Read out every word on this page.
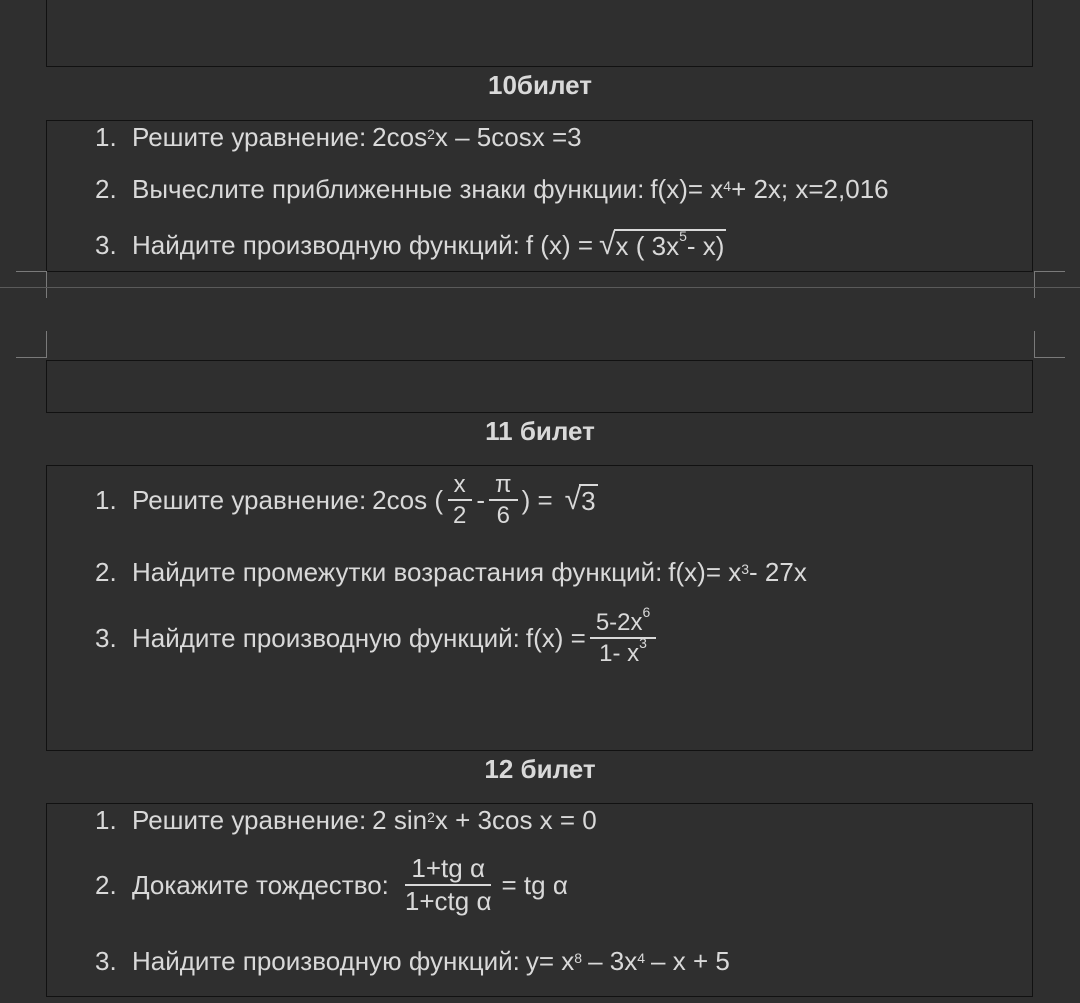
10билет
1. Решите уравнение: $2\cos^2$ x – 5cosx =3
2. Вычеслите приближенные знаки функции: $f(x)= x^4 + 2x$; x=2,016
3. Найдите производную функций: f (x) = √ x ( $3x^5-$ x)
11 билет
1. Решите уравнение: 2cos ( $\frac{x}{2} - \frac{\pi}{6}$ ) = √ 3
2. Найдите промежутки возрастания функций: $f(x)= x^3 - 27x$
3. Найдите производную функций: $f(x) = \frac{5-2x^6}{1- x^3}$
12 билет
1. Решите уравнение: 2 $\sin^2 x + 3\cos$ x = 0
2. Докажите тождество: $\frac{\text{1+tg α}}{\text{1+ctg α}}$ = tg α
3. Найдите производную функций: $y= x^8 - 3x^4 - x + 5$
